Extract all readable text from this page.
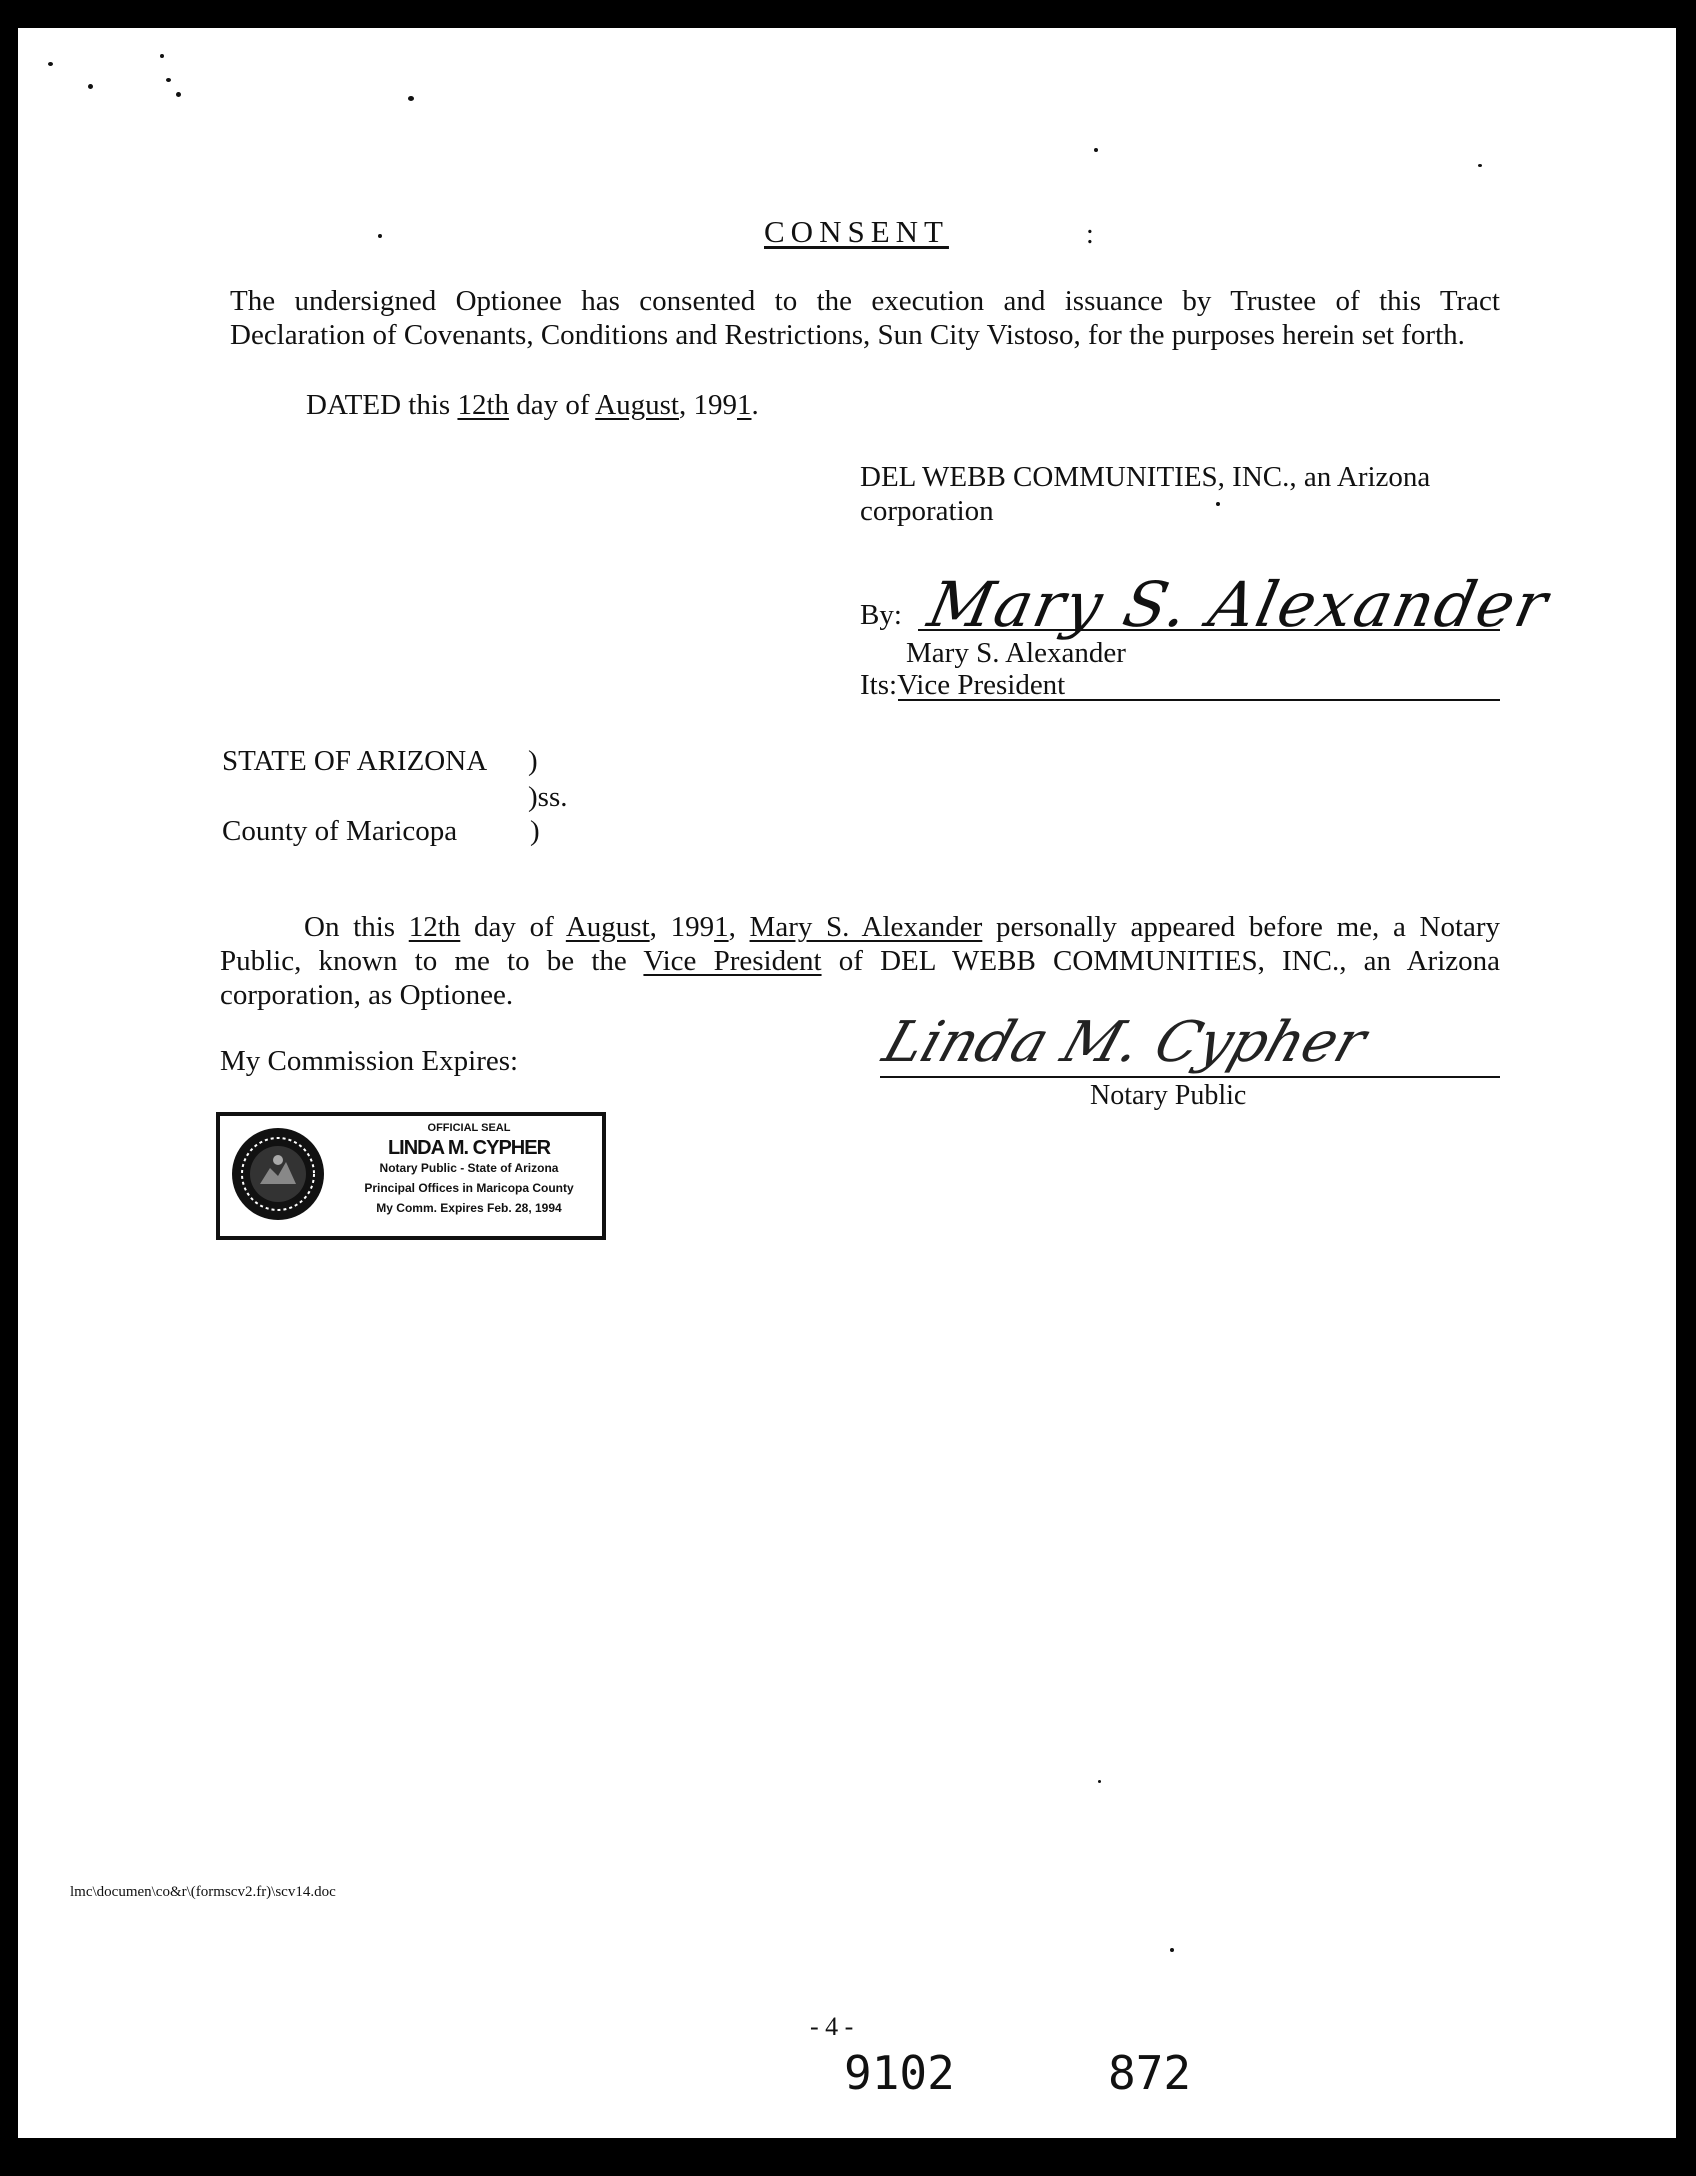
CONSENT	:
The undersigned Optionee has consented to the execution and issuance by Trustee of this Tract
Declaration of Covenants, Conditions and Restrictions, Sun City Vistoso, for the purposes herein set forth.
DATED this 12th day of August, 1991.
DEL WEBB COMMUNITIES, INC., an Arizona corporation
By: Mary S. Alexander
Mary S. Alexander
Its:Vice President
STATE OF ARIZONA )
)ss.
County of Maricopa	)
On this 12th day of August, 1991, Mary S. Alexander personally appeared before me, a Notary
Public, known to me to be the Vice President of DEL WEBB COMMUNITIES, INC., an Arizona
corporation, as Optionee.
My Commission Expires:	Linda M. Cypher
Notary Public
OFFICIAL SEAL
LINDA M. CYPHER
Notary Public - State of Arizona
Principal Offices in Maricopa County
My Comm. Expires Feb. 28, 1994
lmc\documen\co&r\(formscv2.fr)\scv14.doc
- 4 -
9102	872
